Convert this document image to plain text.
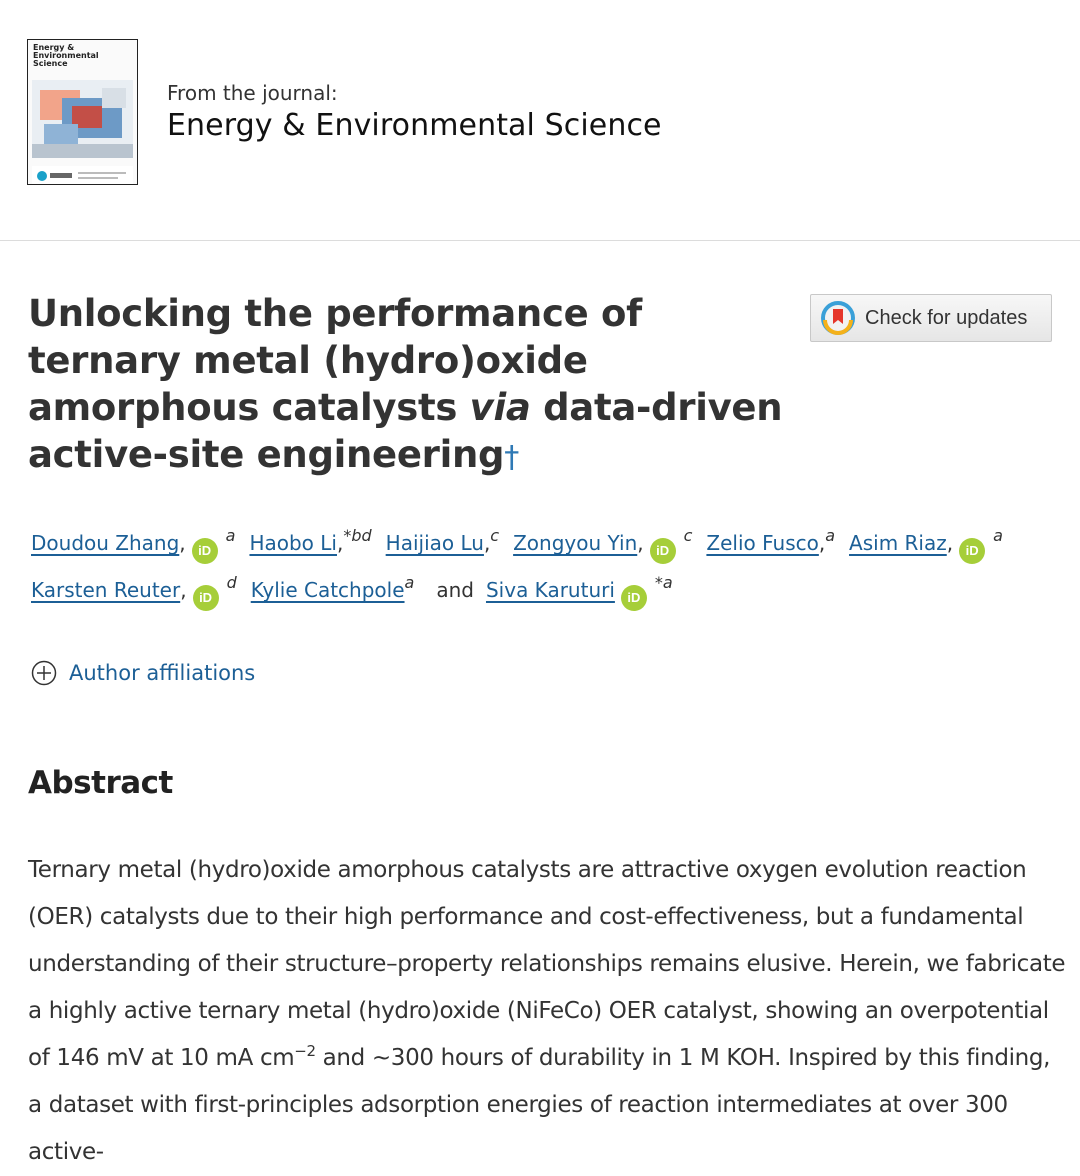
Energy &
Environmental
Science
From the journal:
Energy & Environmental Science
Unlocking the performance of ternary metal (hydro)oxide amorphous catalysts via data-driven active-site engineering†
Check for updates
Doudou Zhang, $iD^a$ Haobo Li,$^{*bd}$ Haijiao Lu,$^c$ Zongyou Yin, $iD^c$ Zelio Fusco,$^a$ Asim Riaz, $iD^a$
Karsten Reuter, $iD^d$ Kylie Catchpole$^a$ and Siva Karuturi $iD^{*a}$
Author affiliations
Abstract

Ternary metal (hydro)oxide amorphous catalysts are attractive oxygen evolution reaction (OER) catalysts due to their high performance and cost-effectiveness, but a fundamental understanding of their structure–property relationships remains elusive. Herein, we fabricate a highly active ternary metal (hydro)oxide (NiFeCo) OER catalyst, showing an overpotential of 146 mV at 10 mA $cm^{-2}$ and ∼300 hours of durability in 1 M KOH. Inspired by this finding, a dataset with first-principles adsorption energies of reaction intermediates at over 300 active-
